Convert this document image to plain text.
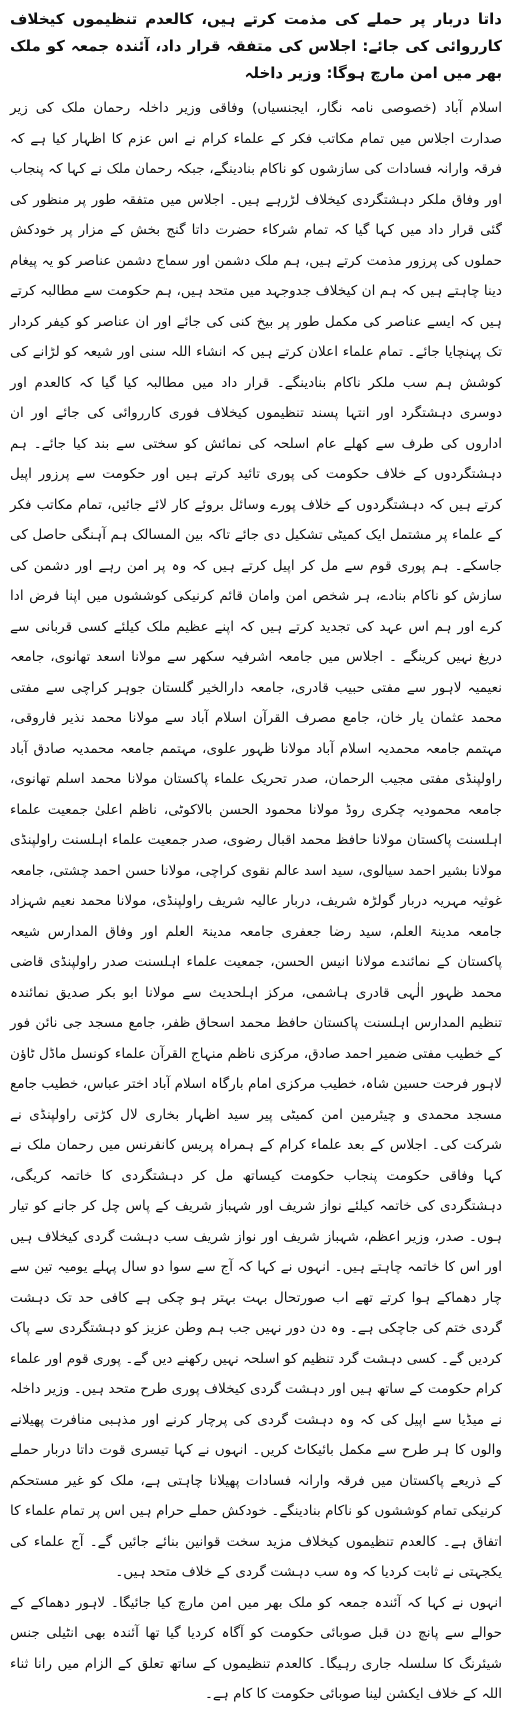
داتا دربار پر حملے کی مذمت کرتے ہیں، کالعدم تنظیموں کیخلاف کارروائی کی جائے: اجلاس کی متفقہ قرار داد، آئندہ جمعہ کو ملک بھر میں امن مارچ ہوگا: وزیر داخلہ

اسلام آباد (خصوصی نامہ نگار، ایجنسیاں) وفاقی وزیر داخلہ رحمان ملک کی زیر صدارت اجلاس میں تمام مکاتب فکر کے علماء کرام نے اس عزم کا اظہار کیا ہے کہ فرقہ وارانہ فسادات کی سازشوں کو ناکام بنادینگے، جبکہ رحمان ملک نے کہا کہ پنجاب اور وفاق ملکر دہشتگردی کیخلاف لڑرہے ہیں۔ اجلاس میں متفقہ طور پر منظور کی گئی قرار داد میں کہا گیا کہ تمام شرکاء حضرت داتا گنج بخش کے مزار پر خودکش حملوں کی پرزور مذمت کرتے ہیں، ہم ملک دشمن اور سماج دشمن عناصر کو یہ پیغام دینا چاہتے ہیں کہ ہم ان کیخلاف جدوجہد میں متحد ہیں، ہم حکومت سے مطالبہ کرتے ہیں کہ ایسے عناصر کی مکمل طور پر بیخ کنی کی جائے اور ان عناصر کو کیفر کردار تک پہنچایا جائے۔ تمام علماء اعلان کرتے ہیں کہ انشاء اللہ سنی اور شیعہ کو لڑانے کی کوشش ہم سب ملکر ناکام بنادینگے۔ قرار داد میں مطالبہ کیا گیا کہ کالعدم اور دوسری دہشتگرد اور انتہا پسند تنظیموں کیخلاف فوری کارروائی کی جائے اور ان اداروں کی طرف سے کھلے عام اسلحہ کی نمائش کو سختی سے بند کیا جائے۔ ہم دہشتگردوں کے خلاف حکومت کی پوری تائید کرتے ہیں اور حکومت سے پرزور اپیل کرتے ہیں کہ دہشتگردوں کے خلاف پورے وسائل بروئے کار لائے جائیں، تمام مکاتب فکر کے علماء پر مشتمل ایک کمیٹی تشکیل دی جائے تاکہ بین المسالک ہم آہنگی حاصل کی جاسکے۔ ہم پوری قوم سے مل کر اپیل کرتے ہیں کہ وہ پر امن رہے اور دشمن کی سازش کو ناکام بنادے، ہر شخص امن وامان قائم کرنیکی کوششوں میں اپنا فرض ادا کرے اور ہم اس عہد کی تجدید کرتے ہیں کہ اپنے عظیم ملک کیلئے کسی قربانی سے دریغ نہیں کرینگے ۔ اجلاس میں جامعہ اشرفیہ سکھر سے مولانا اسعد تھانوی، جامعہ نعیمیہ لاہور سے مفتی حبیب قادری، جامعہ دارالخیر گلستان جوہر کراچی سے مفتی محمد عثمان یار خان، جامع مصرف القرآن اسلام آباد سے مولانا محمد نذیر فاروقی، مہتمم جامعہ محمدیہ اسلام آباد مولانا ظہور علوی، مہتمم جامعہ محمدیہ صادق آباد راولپنڈی مفتی مجیب الرحمان، صدر تحریک علماء پاکستان مولانا محمد اسلم تھانوی، جامعہ محمودیہ چکری روڈ مولانا محمود الحسن بالاکوٹی، ناظم اعلیٰ جمعیت علماء اہلسنت پاکستان مولانا حافظ محمد اقبال رضوی، صدر جمعیت علماء اہلسنت راولپنڈی مولانا بشیر احمد سیالوی، سید اسد عالم نقوی کراچی، مولانا حسن احمد چشتی، جامعہ غوثیہ مہریہ دربار گولڑہ شریف، دربار عالیہ شریف راولپنڈی، مولانا محمد نعیم شہزاد جامعہ مدینۃ العلم، سید رضا جعفری جامعہ مدینۃ العلم اور وفاق المدارس شیعہ پاکستان کے نمائندے مولانا انیس الحسن، جمعیت علماء اہلسنت صدر راولپنڈی قاضی محمد ظہور الٰہی قادری ہاشمی، مرکز اہلحدیث سے مولانا ابو بکر صدیق نمائندہ تنظیم المدارس اہلسنت پاکستان حافظ محمد اسحاق ظفر، جامع مسجد جی نائن فور کے خطیب مفتی ضمیر احمد صادق، مرکزی ناظم منہاج القرآن علماء کونسل ماڈل ٹاؤن لاہور فرحت حسین شاہ، خطیب مرکزی امام بارگاہ اسلام آباد اختر عباس، خطیب جامع مسجد محمدی و چیئرمین امن کمیٹی پیر سید اظہار بخاری لال کڑتی راولپنڈی نے شرکت کی۔ اجلاس کے بعد علماء کرام کے ہمراہ پریس کانفرنس میں رحمان ملک نے کہا وفاقی حکومت پنجاب حکومت کیساتھ مل کر دہشتگردی کا خاتمہ کریگی، دہشتگردی کی خاتمہ کیلئے نواز شریف اور شہباز شریف کے پاس چل کر جانے کو تیار ہوں۔ صدر، وزیر اعظم، شہباز شریف اور نواز شریف سب دہشت گردی کیخلاف ہیں اور اس کا خاتمہ چاہتے ہیں۔ انہوں نے کہا کہ آج سے سوا دو سال پہلے یومیہ تین سے چار دھماکے ہوا کرتے تھے اب صورتحال بہت بہتر ہو چکی ہے کافی حد تک دہشت گردی ختم کی جاچکی ہے۔ وہ دن دور نہیں جب ہم وطن عزیز کو دہشتگردی سے پاک کردیں گے۔ کسی دہشت گرد تنظیم کو اسلحہ نہیں رکھنے دیں گے۔ پوری قوم اور علماء کرام حکومت کے ساتھ ہیں اور دہشت گردی کیخلاف پوری طرح متحد ہیں۔ وزیر داخلہ نے میڈیا سے اپیل کی کہ وہ دہشت گردی کی پرچار کرنے اور مذہبی منافرت پھیلانے والوں کا ہر طرح سے مکمل بائیکاٹ کریں۔ انہوں نے کہا تیسری قوت داتا دربار حملے کے ذریعے پاکستان میں فرقہ وارانہ فسادات پھیلانا چاہتی ہے، ملک کو غیر مستحکم کرنیکی تمام کوششوں کو ناکام بنادینگے۔ خودکش حملے حرام ہیں اس پر تمام علماء کا اتفاق ہے۔ کالعدم تنظیموں کیخلاف مزید سخت قوانین بنائے جائیں گے۔ آج علماء کی یکجہتی نے ثابت کردیا کہ وہ سب دہشت گردی کے خلاف متحد ہیں۔

انہوں نے کہا کہ آئندہ جمعہ کو ملک بھر میں امن مارچ کیا جائیگا۔ لاہور دھماکے کے حوالے سے پانچ دن قبل صوبائی حکومت کو آگاہ کردیا گیا تھا آئندہ بھی انٹیلی جنس شیئرنگ کا سلسلہ جاری رہیگا۔ کالعدم تنظیموں کے ساتھ تعلق کے الزام میں رانا ثناء اللہ کے خلاف ایکشن لینا صوبائی حکومت کا کام ہے۔
